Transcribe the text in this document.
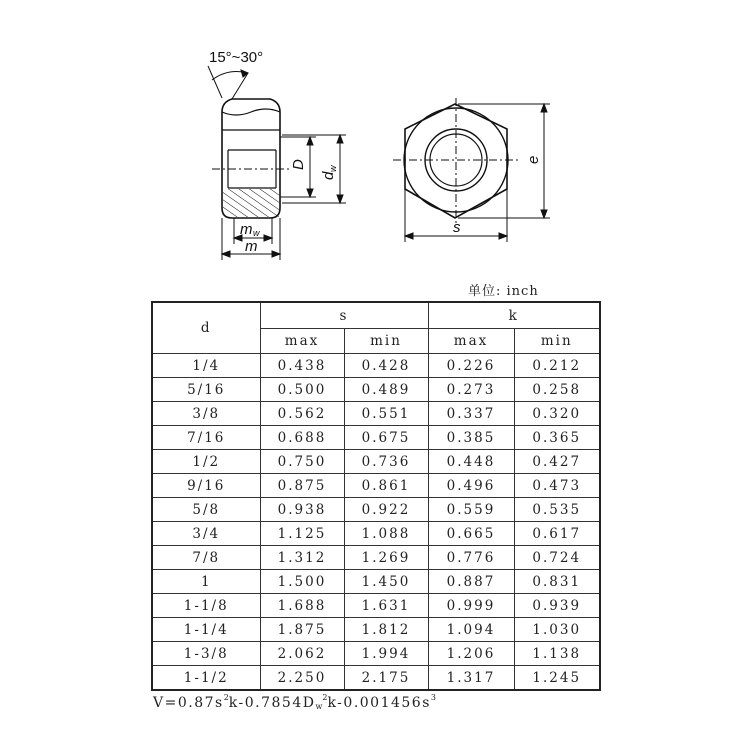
15°~30°
D
d
w
m w
m
e
s
单位: inch
d	s		k	
	max	min	max	min
1/4	0.438	0.428	0.226	0.212
5/16	0.500	0.489	0.273	0.258
3/8	0.562	0.551	0.337	0.320
7/16	0.688	0.675	0.385	0.365
1/2	0.750	0.736	0.448	0.427
9/16	0.875	0.861	0.496	0.473
5/8	0.938	0.922	0.559	0.535
3/4	1.125	1.088	0.665	0.617
7/8	1.312	1.269	0.776	0.724
1	1.500	1.450	0.887	0.831
1-1/8	1.688	1.631	0.999	0.939
1-1/4	1.875	1.812	1.094	1.030
1-3/8	2.062	1.994	1.206	1.138
1-1/2	2.250	2.175	1.317	1.245
$V=0.87s^2k-0.7854D_w^2k-0.001456s^3$
